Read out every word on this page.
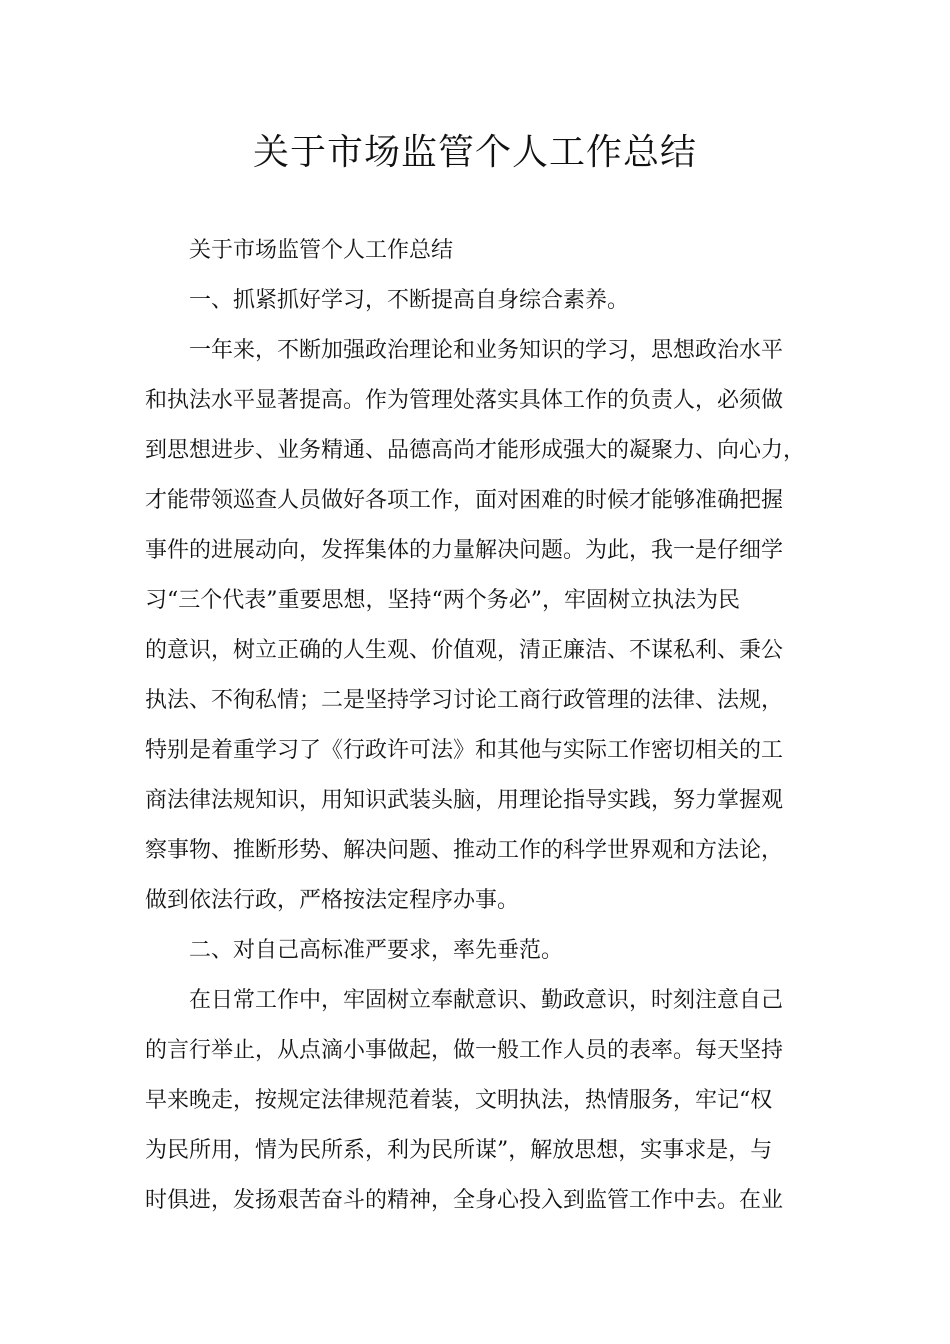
关于市场监管个人工作总结
关于市场监管个人工作总结
一、抓紧抓好学习，不断提高自身综合素养。
一年来，不断加强政治理论和业务知识的学习，思想政治水平
和执法水平显著提高。作为管理处落实具体工作的负责人，必须做
到思想进步、业务精通、品德高尚才能形成强大的凝聚力、向心力，
才能带领巡查人员做好各项工作，面对困难的时候才能够准确把握
事件的进展动向，发挥集体的力量解决问题。为此，我一是仔细学
习“三个代表”重要思想，坚持“两个务必”，牢固树立执法为民
的意识，树立正确的人生观、价值观，清正廉洁、不谋私利、秉公
执法、不徇私情；二是坚持学习讨论工商行政管理的法律、法规，
特别是着重学习了《行政许可法》和其他与实际工作密切相关的工
商法律法规知识，用知识武装头脑，用理论指导实践，努力掌握观
察事物、推断形势、解决问题、推动工作的科学世界观和方法论，
做到依法行政，严格按法定程序办事。
二、对自己高标准严要求，率先垂范。
在日常工作中，牢固树立奉献意识、勤政意识，时刻注意自己
的言行举止，从点滴小事做起，做一般工作人员的表率。每天坚持
早来晚走，按规定法律规范着装，文明执法，热情服务，牢记“权
为民所用，情为民所系，利为民所谋”，解放思想，实事求是，与
时俱进，发扬艰苦奋斗的精神，全身心投入到监管工作中去。在业
